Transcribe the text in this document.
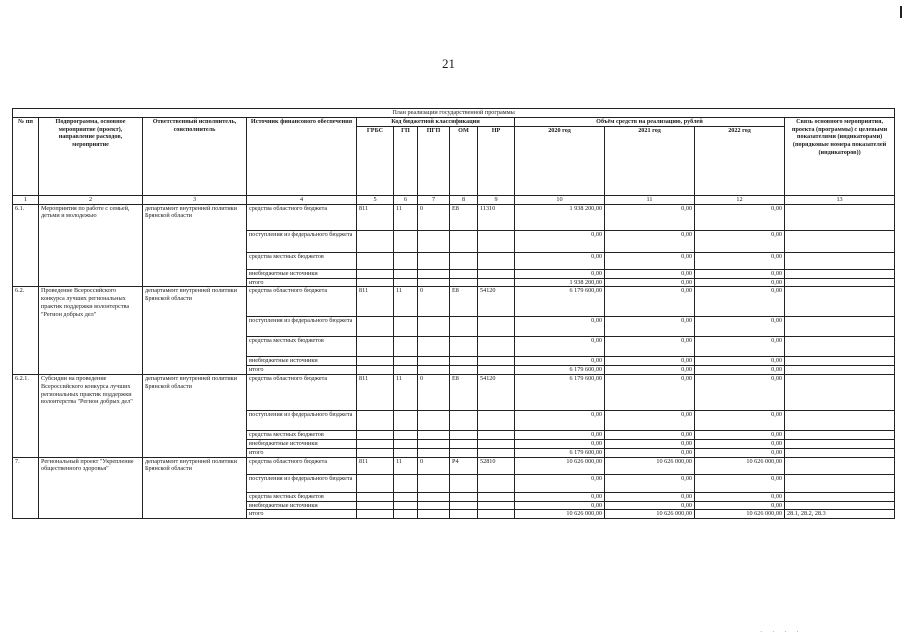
21
План реализации государственной программы												
№ пп	Подпрограмма, основное мероприятие (проект), направление расходов, мероприятие	Ответственный исполнитель, соисполнитель	Источник финансового обеспечения	Код бюджетной классификации					Объём средств на реализацию, рублей			Связь основного мероприятия, проекта (программы) с целевыми показателями (индикаторами) (порядковые номера показателей (индикаторов))
				ГРБС	ГП	ПГП	ОМ	НР	2020 год	2021 год	2022 год	
1	2	3	4	5	6	7	8	9	10	11	12	13
6.1.	Мероприятия по работе с семьей, детьми и молодежью	департамент внутренней политики Брянской области	средства областного бюджета	811	11	0	Е8	11310	1 938 200,00	0,00	0,00	
			поступления из федерального бюджета						0,00	0,00	0,00	
			средства местных бюджетов						0,00	0,00	0,00	
			внебюджетные источники						0,00	0,00	0,00	
			итого						1 938 200,00	0,00	0,00	
6.2.	Проведение Всероссийского конкурса лучших региональных практик поддержки волонтерства "Регион добрых дел"	департамент внутренней политики Брянской области	средства областного бюджета	811	11	0	Е8	54120	6 179 600,00	0,00	0,00	
			поступления из федерального бюджета						0,00	0,00	0,00	
			средства местных бюджетов						0,00	0,00	0,00	
			внебюджетные источники						0,00	0,00	0,00	
			итого						6 179 600,00	0,00	0,00	
6.2.1.	Субсидии на проведение Всероссийского конкурса лучших региональных практик поддержки волонтерства "Регион добрых дел"	департамент внутренней политики Брянской области	средства областного бюджета	811	11	0	Е8	54120	6 179 600,00	0,00	0,00	
			поступления из федерального бюджета						0,00	0,00	0,00	
			средства местных бюджетов						0,00	0,00	0,00	
			внебюджетные источники						0,00	0,00	0,00	
			итого						6 179 600,00	0,00	0,00	
7.	Региональный проект "Укрепление общественного здоровья"	департамент внутренней политики Брянской области	средства областного бюджета	811	11	0	Р4	52810	10 626 000,00	10 626 000,00	10 626 000,00	
			поступления из федерального бюджета						0,00	0,00	0,00	
			средства местных бюджетов						0,00	0,00	0,00	
			внебюджетные источники						0,00	0,00	0,00	
			итого						10 626 000,00	10 626 000,00	10 626 000,00	28.1, 28.2, 28.3
· · · ·
